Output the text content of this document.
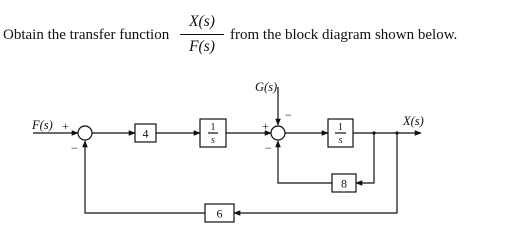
Obtain the transfer function
X(s)
F(s)
from the block diagram shown below.
F(s) +
−
4	1
s
G(s)
+
−
−
1
s
X(s)
8
6
